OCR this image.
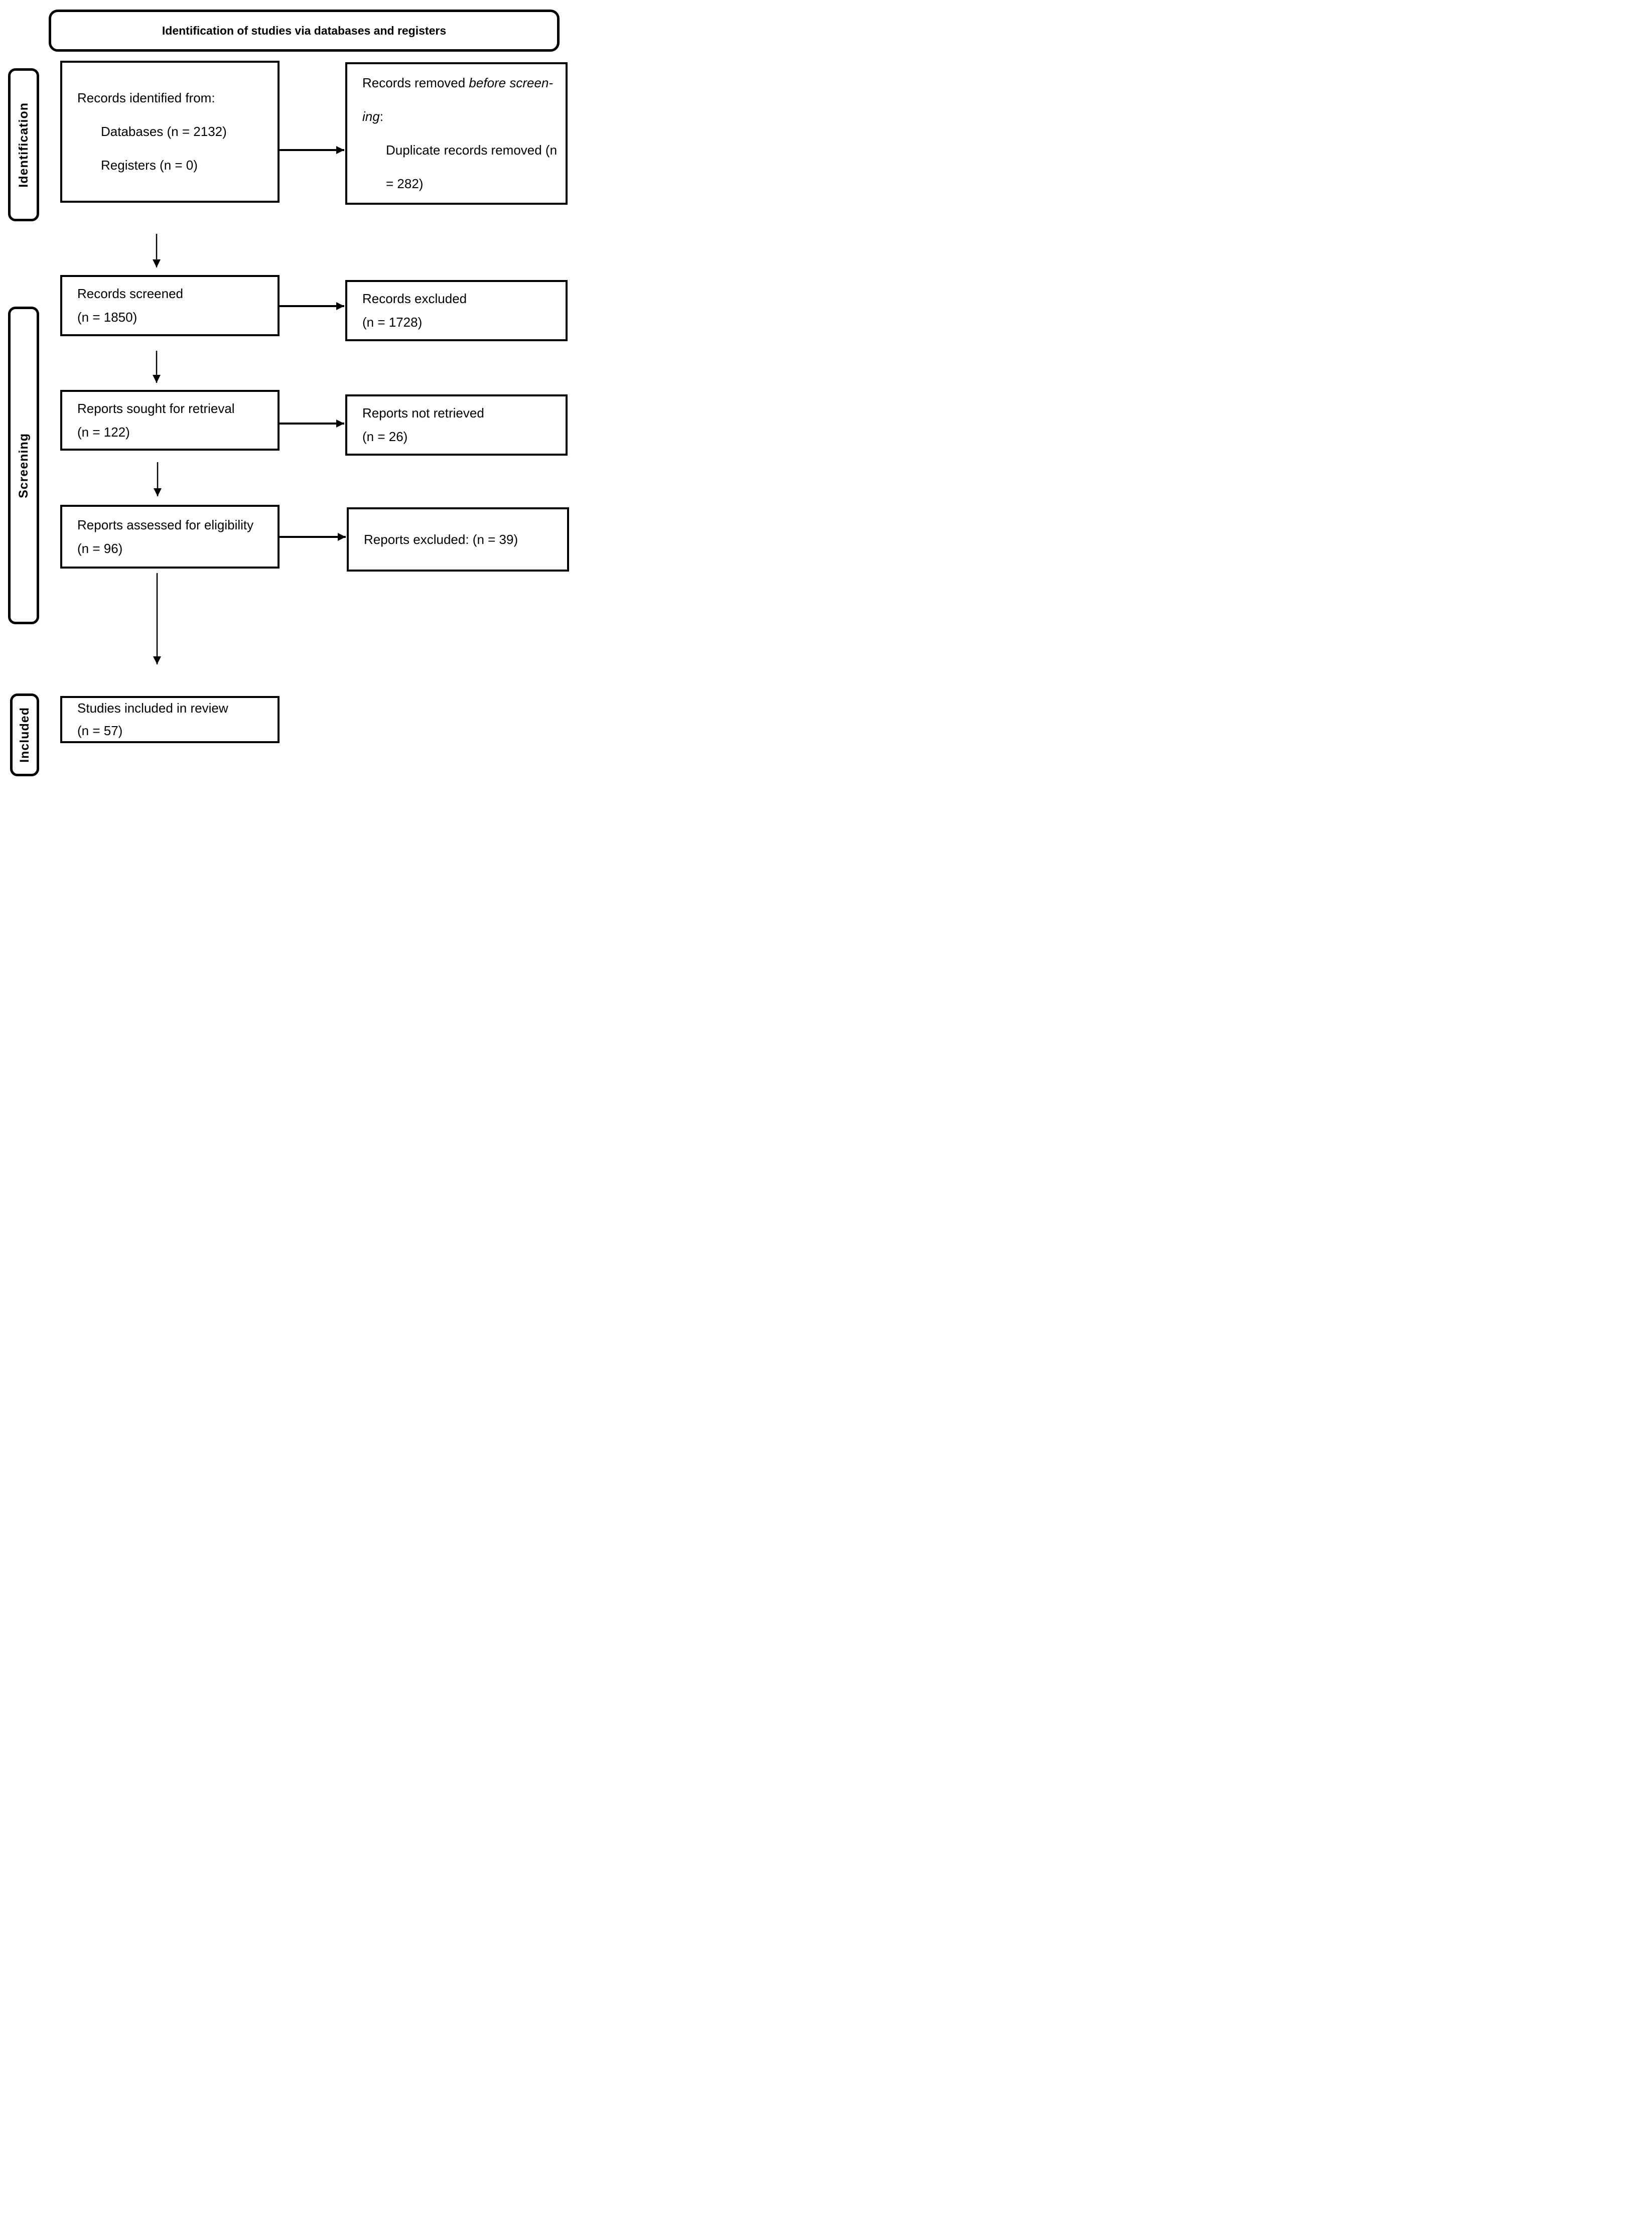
Identification of studies via databases and registers
Identification
Screening
Included
Records identified from:
Databases (n = 2132)
Registers (n = 0)
Records removed before screen-
ing:
Duplicate records removed (n
= 282)
Records screened
(n = 1850)
Records excluded
(n = 1728)
Reports sought for retrieval
(n = 122)
Reports not retrieved
(n = 26)
Reports assessed for eligibility
(n = 96)
Reports excluded: (n = 39)
Studies included in review
(n = 57)
